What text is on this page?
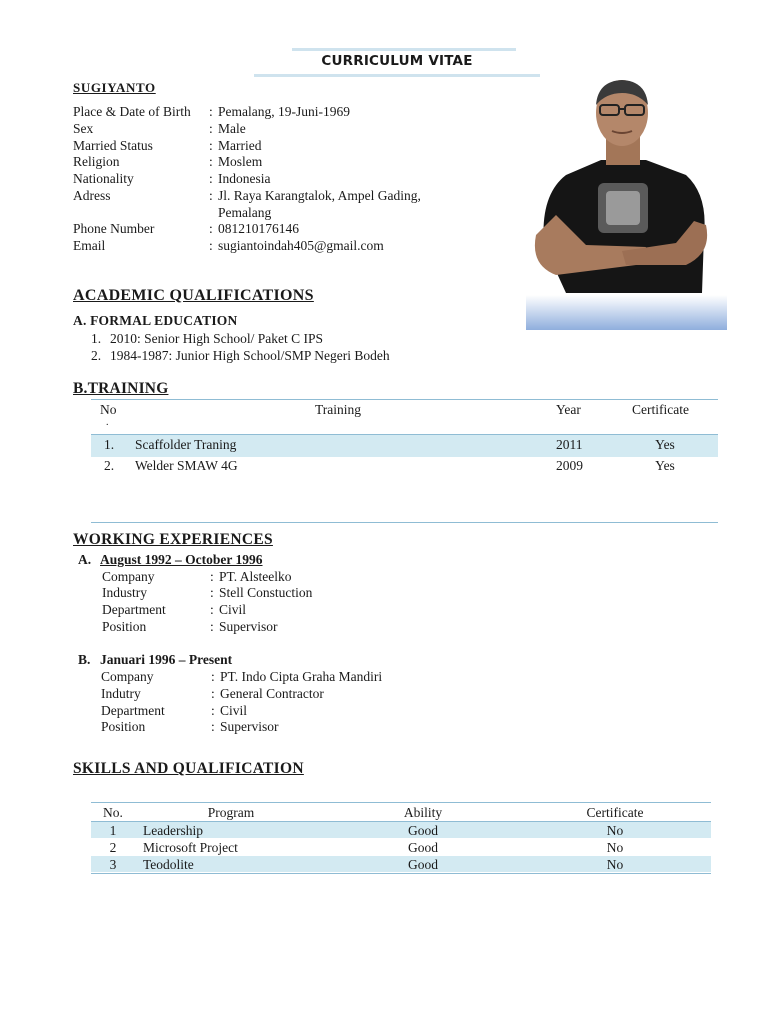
CURRICULUM VITAE
SUGIYANTO
Place & Date of Birth : Pemalang, 19-Juni-1969
Sex	: Male
Married Status	: Married
Religion	: Moslem
Nationality	: Indonesia
Adress	: Jl. Raya Karangtalok, Ampel Gading,
Pemalang
Phone Number	: 081210176146
Email	: sugiantoindah405@gmail.com
ACADEMIC QUALIFICATIONS
A. FORMAL EDUCATION
1. 2010: Senior High School/ Paket C IPS
2. 1984-1987: Junior High School/SMP Negeri Bodeh
B.TRAINING
No
.
Training	Year	Certificate
1. Scaffolder Traning	2011	Yes
2. Welder SMAW 4G	2009	Yes
WORKING EXPERIENCES
A. August 1992 – October 1996
Company	: PT. Alsteelko
Industry	: Stell Constuction
Department	: Civil
Position	: Supervisor
B. Januari 1996 – Present
Company	: PT. Indo Cipta Graha Mandiri
Indutry	: General Contractor
Department	: Civil
Position	: Supervisor
SKILLS AND QUALIFICATION
No.	Program	Ability	Certificate
1	Leadership	Good	No
2	Microsoft Project	Good	No
3	Teodolite	Good	No
